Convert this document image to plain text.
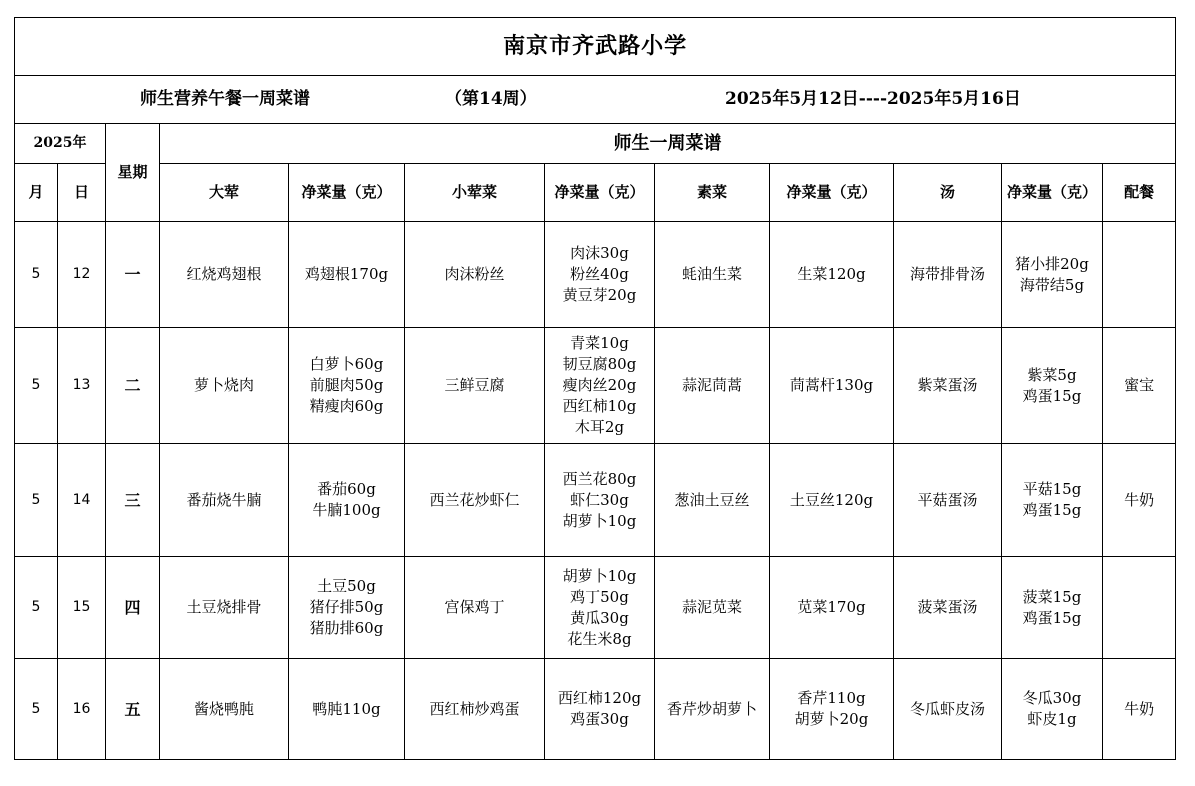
南京市齐武路小学											

师生营养午餐一周菜谱 （第14周） 2025年5月12日----2025年5月16日											

2025年		星期	师生一周菜谱								
月	日		大荤	净菜量（克）	小荤菜	净菜量（克）	素菜	净菜量（克）	汤	净菜量（克）	配餐
5	12	一	红烧鸡翅根	鸡翅根170g	肉沫粉丝	肉沫30g
粉丝40g
黄豆芽20g	蚝油生菜	生菜120g	海带排骨汤	猪小排20g
海带结5g	

5	13	二	萝卜烧肉	白萝卜60g
前腿肉50g
精瘦肉60g	三鲜豆腐	青菜10g
韧豆腐80g
瘦肉丝20g
西红柿10g
木耳2g	蒜泥茼蒿	茼蒿杆130g	紫菜蛋汤	紫菜5g
鸡蛋15g	蜜宝
5	14	三	番茄烧牛腩	番茄60g
牛腩100g	西兰花炒虾仁	西兰花80g
虾仁30g
胡萝卜10g	葱油土豆丝	土豆丝120g	平菇蛋汤	平菇15g
鸡蛋15g	牛奶
5	15	四	土豆烧排骨	土豆50g
猪仔排50g
猪肋排60g	宫保鸡丁	胡萝卜10g
鸡丁50g
黄瓜30g
花生米8g	蒜泥苋菜	苋菜170g	菠菜蛋汤	菠菜15g
鸡蛋15g	

5	16	五	酱烧鸭肫	鸭肫110g	西红柿炒鸡蛋	西红柿120g
鸡蛋30g	香芹炒胡萝卜	香芹110g
胡萝卜20g	冬瓜虾皮汤	冬瓜30g
虾皮1g	牛奶
